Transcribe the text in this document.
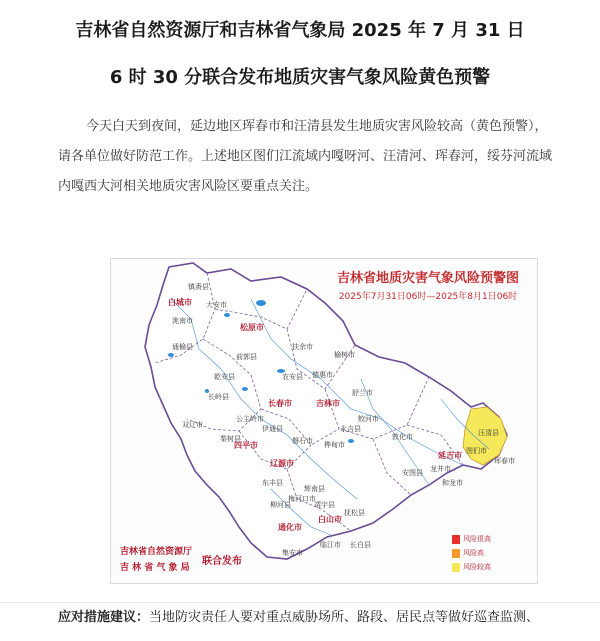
吉林省自然资源厅和吉林省气象局 2025 年 7 月 31 日
6 时 30 分联合发布地质灾害气象风险黄色预警
今天白天到夜间，延边地区珲春市和汪清县发生地质灾害风险较高（黄色预警），请各单位做好防范工作。上述地区图们江流域内嘎呀河、汪清河、珲春河，绥芬河流域内嘎西大河相关地质灾害风险区要重点关注。
吉林省地质灾害气象风险预警图
2025年7月31日06时—2025年8月1日06时
白城市
松原市
长春市	吉林市
四平市
辽源市
通化市
白山市
延吉市
镇赉县
洮南市
通榆县
大安市
前郭县
乾安县
长岭县
扶余市
农安县 德惠市
榆树市
舒兰市
蛟河市
敦化市
安图县
汪清县
珲春市
图们市
和龙市
龙井市
桦甸市
磐石市
伊通县
双辽市
梨树县
东丰县
柳河县
辉南县
梅河口市
集安市
临江市 长白县
抚松县
靖宇县
公主岭市
永吉县
吉林省自然资源厅
吉 林 省 气 象 局
联合发布
风险很高
风险高
风险较高
应对措施建议：当地防灾责任人要对重点威胁场所、路段、居民点等做好巡查监测、
